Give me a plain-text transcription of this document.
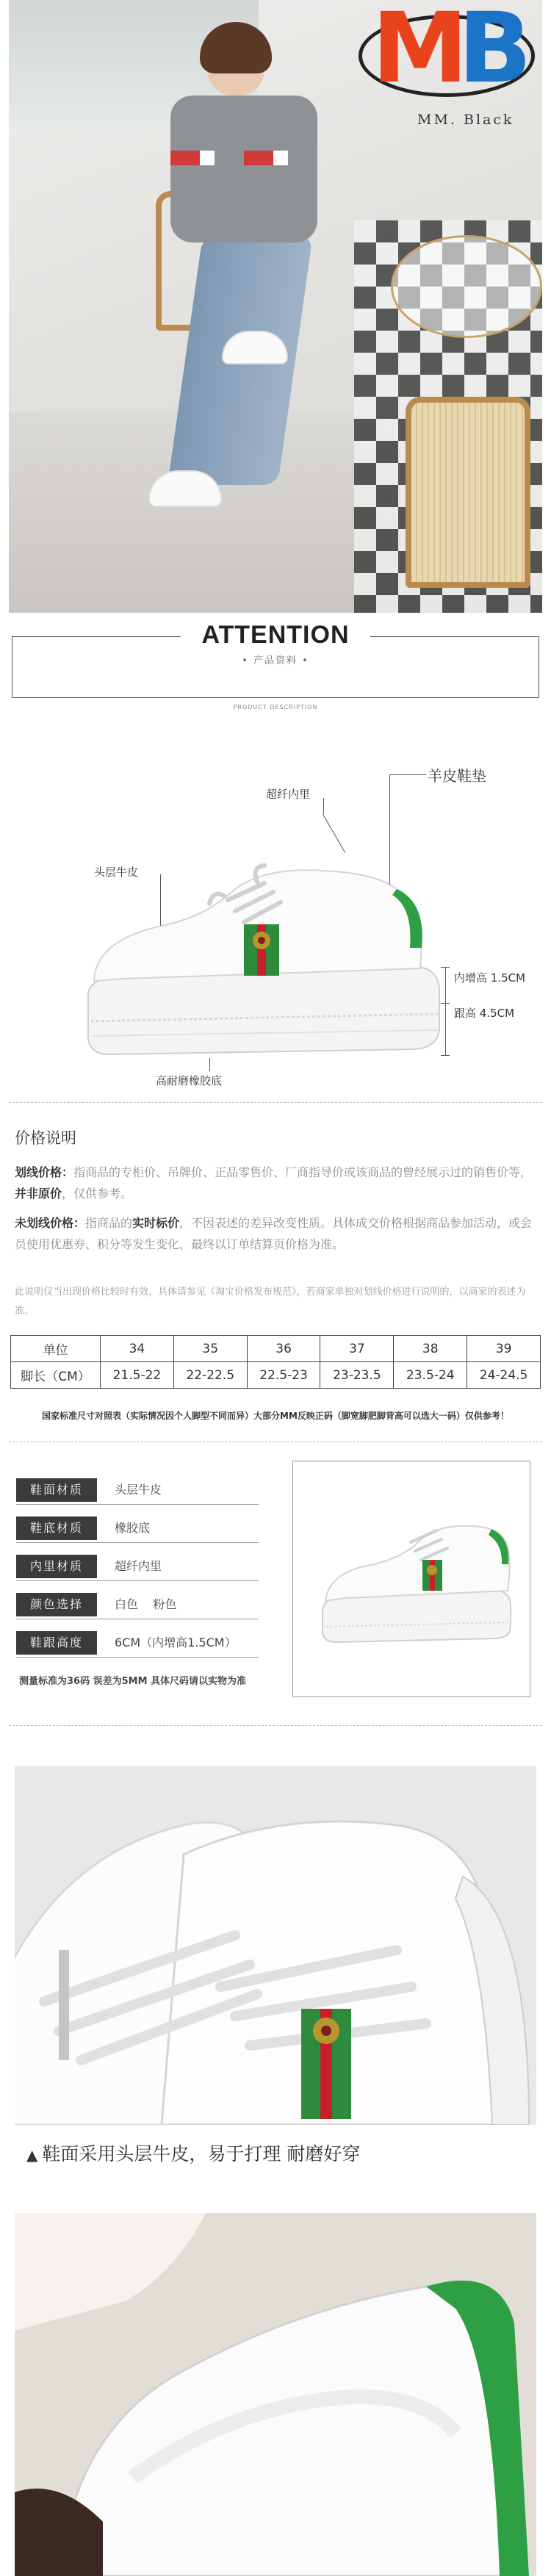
MB
MM. Black
ATTENTION
• 产品资料 •
PRODUCT DESCRIPTION
羊皮鞋垫
超纤内里
头层牛皮
内增高 1.5CM
跟高 4.5CM
高耐磨橡胶底
价格说明
划线价格：指商品的专柜价、吊牌价、正品零售价、厂商指导价或该商品的曾经展示过的销售价等，并非原价，仅供参考。
未划线价格：指商品的实时标价，不因表述的差异改变性质。具体成交价格根据商品参加活动，或会员使用优惠券、积分等发生变化，最终以订单结算页价格为准。
此说明仅当出现价格比较时有效，具体请参见《淘宝价格发布规范》，若商家单独对划线价格进行说明的，以商家的表述为准。
单位	34	35	36	37	38	39
脚长（CM）	21.5-22	22-22.5	22.5-23	23-23.5	23.5-24	24-24.5
国家标准尺寸对照表（实际情况因个人脚型不同而异）大部分MM反映正码（脚宽脚肥脚背高可以选大一码）仅供参考！
鞋面材质	头层牛皮
鞋底材质	橡胶底
内里材质	超纤内里
颜色选择	白色    粉色
鞋跟高度	6CM（内增高1.5CM）
测量标准为36码 误差为5MM 具体尺码请以实物为准
▲ 鞋面采用头层牛皮，易于打理 耐磨好穿
